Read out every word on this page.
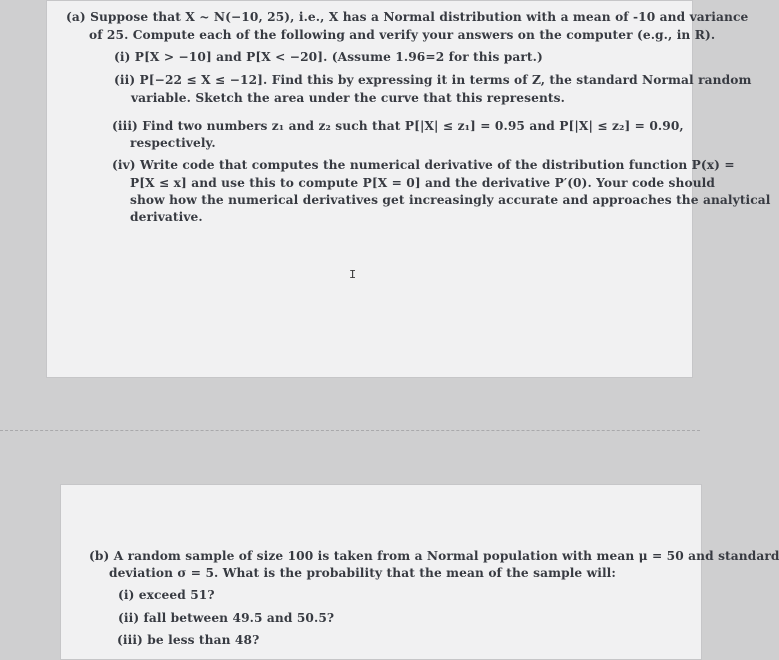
(a) Suppose that X ~ N(−10, 25), i.e., X has a Normal distribution with a mean of -10 and variance
of 25. Compute each of the following and verify your answers on the computer (e.g., in R).
(i) P[X > −10] and P[X < −20]. (Assume 1.96=2 for this part.)
(ii) P[−22 ≤ X ≤ −12]. Find this by expressing it in terms of Z, the standard Normal random
variable. Sketch the area under the curve that this represents.
(iii) Find two numbers z₁ and z₂ such that P[|X| ≤ z₁] = 0.95 and P[|X| ≤ z₂] = 0.90,
respectively.
(iv) Write code that computes the numerical derivative of the distribution function P(x) =
P[X ≤ x] and use this to compute P[X = 0] and the derivative P′(0). Your code should
show how the numerical derivatives get increasingly accurate and approaches the analytical
derivative.
I
(b) A random sample of size 100 is taken from a Normal population with mean μ = 50 and standard
deviation σ = 5. What is the probability that the mean of the sample will:
(i) exceed 51?
(ii) fall between 49.5 and 50.5?
(iii) be less than 48?
